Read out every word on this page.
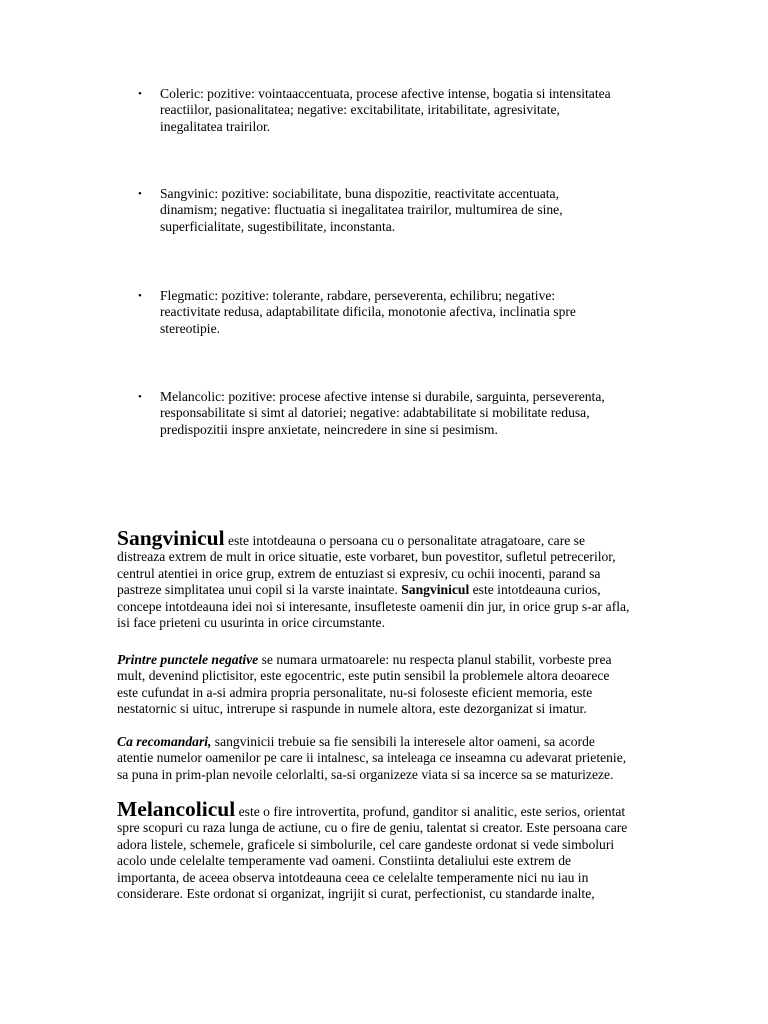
• Coleric: pozitive: vointaaccentuata, procese afective intense, bogatia si intensitatea
reactiilor, pasionalitatea; negative: excitabilitate, iritabilitate, agresivitate,
inegalitatea trairilor.
• Sangvinic: pozitive: sociabilitate, buna dispozitie, reactivitate accentuata,
dinamism; negative: fluctuatia si inegalitatea trairilor, multumirea de sine,
superficialitate, sugestibilitate, inconstanta.
• Flegmatic: pozitive: tolerante, rabdare, perseverenta, echilibru; negative:
reactivitate redusa, adaptabilitate dificila, monotonie afectiva, inclinatia spre
stereotipie.
• Melancolic: pozitive: procese afective intense si durabile, sarguinta, perseverenta,
responsabilitate si simt al datoriei; negative: adabtabilitate si mobilitate redusa,
predispozitii inspre anxietate, neincredere in sine si pesimism.

Sangvinicul este intotdeauna o persoana cu o personalitate atragatoare, care se
distreaza extrem de mult in orice situatie, este vorbaret, bun povestitor, sufletul petrecerilor,
centrul atentiei in orice grup, extrem de entuziast si expresiv, cu ochii inocenti, parand sa
pastreze simplitatea unui copil si la varste inaintate. Sangvinicul este intotdeauna curios,
concepe intotdeauna idei noi si interesante, insufleteste oamenii din jur, in orice grup s-ar afla,
isi face prieteni cu usurinta in orice circumstante.

Printre punctele negative se numara urmatoarele: nu respecta planul stabilit, vorbeste prea
mult, devenind plictisitor, este egocentric, este putin sensibil la problemele altora deoarece
este cufundat in a-si admira propria personalitate, nu-si foloseste eficient memoria, este
nestatornic si uituc, intrerupe si raspunde in numele altora, este dezorganizat si imatur.

Ca recomandari, sangvinicii trebuie sa fie sensibili la interesele altor oameni, sa acorde
atentie numelor oamenilor pe care ii intalnesc, sa inteleaga ce inseamna cu adevarat prietenie,
sa puna in prim-plan nevoile celorlalti, sa-si organizeze viata si sa incerce sa se maturizeze.

Melancolicul este o fire introvertita, profund, ganditor si analitic, este serios, orientat
spre scopuri cu raza lunga de actiune, cu o fire de geniu, talentat si creator. Este persoana care
adora listele, schemele, graficele si simbolurile, cel care gandeste ordonat si vede simboluri
acolo unde celelalte temperamente vad oameni. Constiinta detaliului este extrem de
importanta, de aceea observa intotdeauna ceea ce celelalte temperamente nici nu iau in
considerare. Este ordonat si organizat, ingrijit si curat, perfectionist, cu standarde inalte,
